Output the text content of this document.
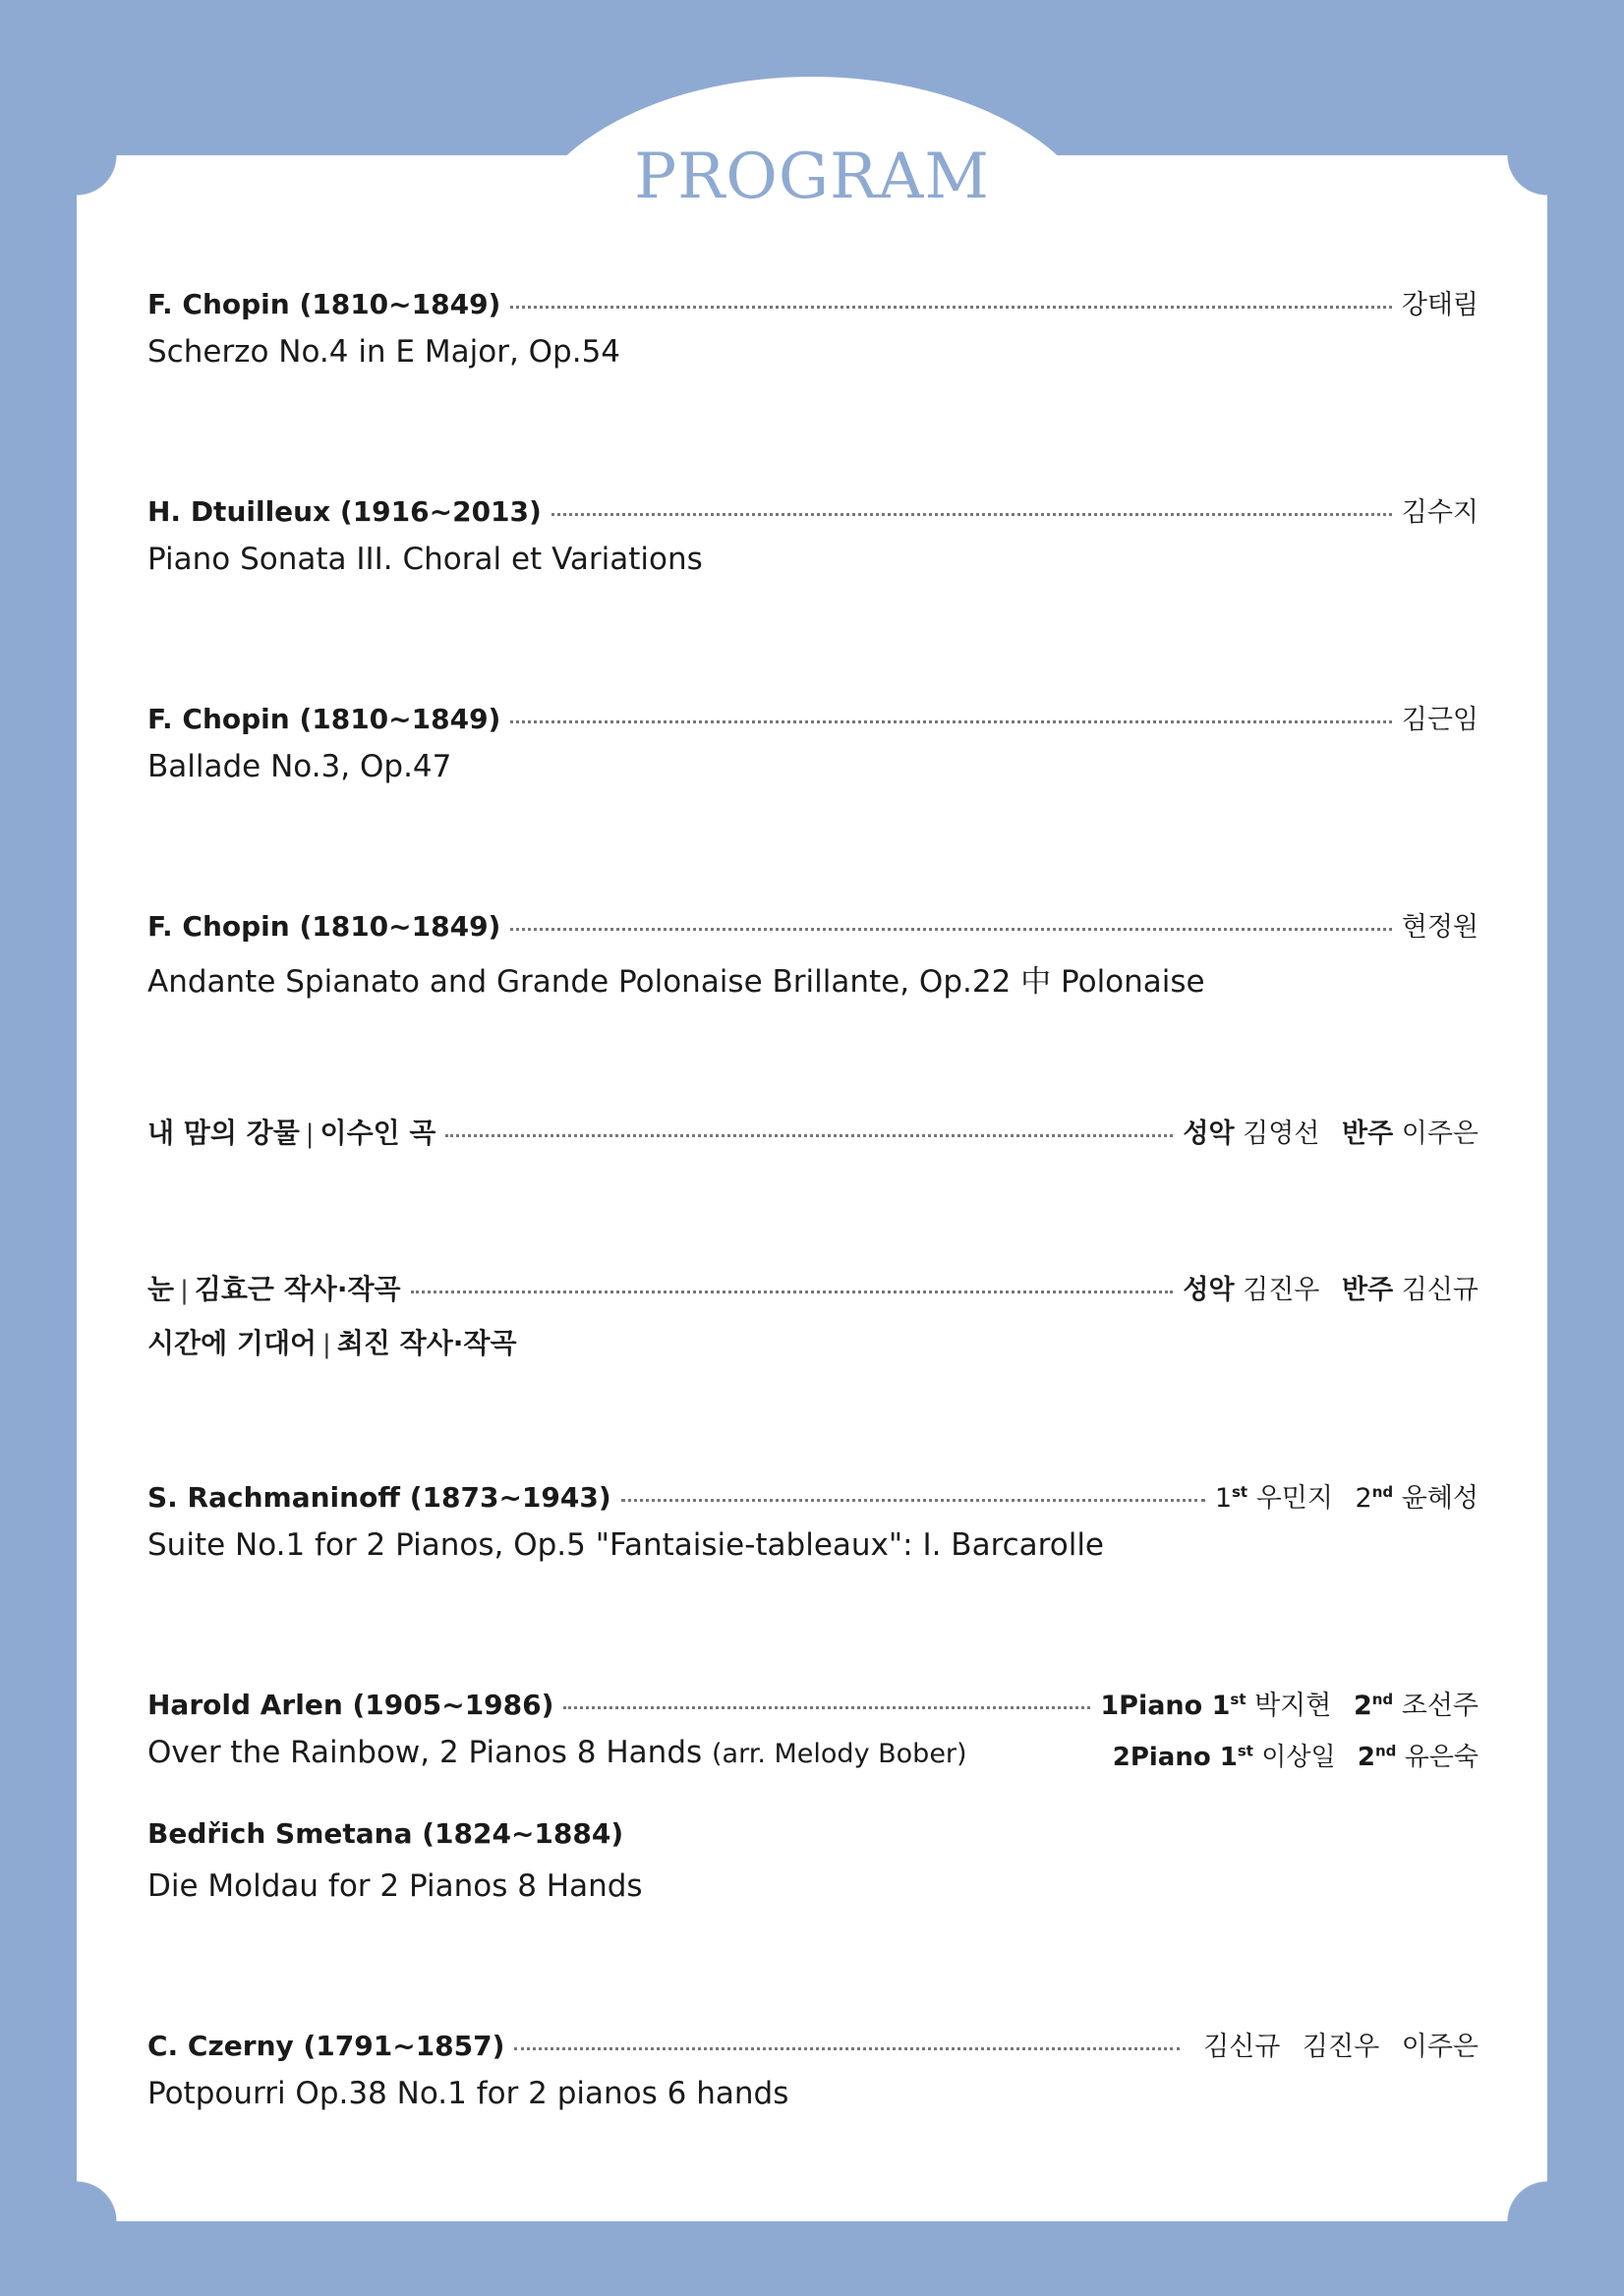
PROGRAM
F. Chopin (1810~1849)	강태림
Scherzo No.4 in E Major, Op.54
H. Dtuilleux (1916~2013)	김수지
Piano Sonata III. Choral et Variations
F. Chopin (1810~1849)	김근임
Ballade No.3, Op.47
F. Chopin (1810~1849)	현정원
Andante Spianato and Grande Polonaise Brillante, Op.22 中 Polonaise
내 맘의 강물 | 이수인 곡	성악 김영선 반주 이주은
눈 | 김효근 작사·작곡	성악 김진우 반주 김신규
시간에 기대어 | 최진 작사·작곡
S. Rachmaninoff (1873~1943)	1st 우민지 2nd 윤혜성
Suite No.1 for 2 Pianos, Op.5 "Fantaisie-tableaux": I. Barcarolle
Harold Arlen (1905~1986)	1Piano 1st 박지현 2nd 조선주
Over the Rainbow, 2 Pianos 8 Hands (arr. Melody Bober)	2Piano 1st 이상일 2nd 유은숙
Bedřich Smetana (1824~1884)
Die Moldau for 2 Pianos 8 Hands
C. Czerny (1791~1857)	김신규 김진우 이주은
Potpourri Op.38 No.1 for 2 pianos 6 hands
